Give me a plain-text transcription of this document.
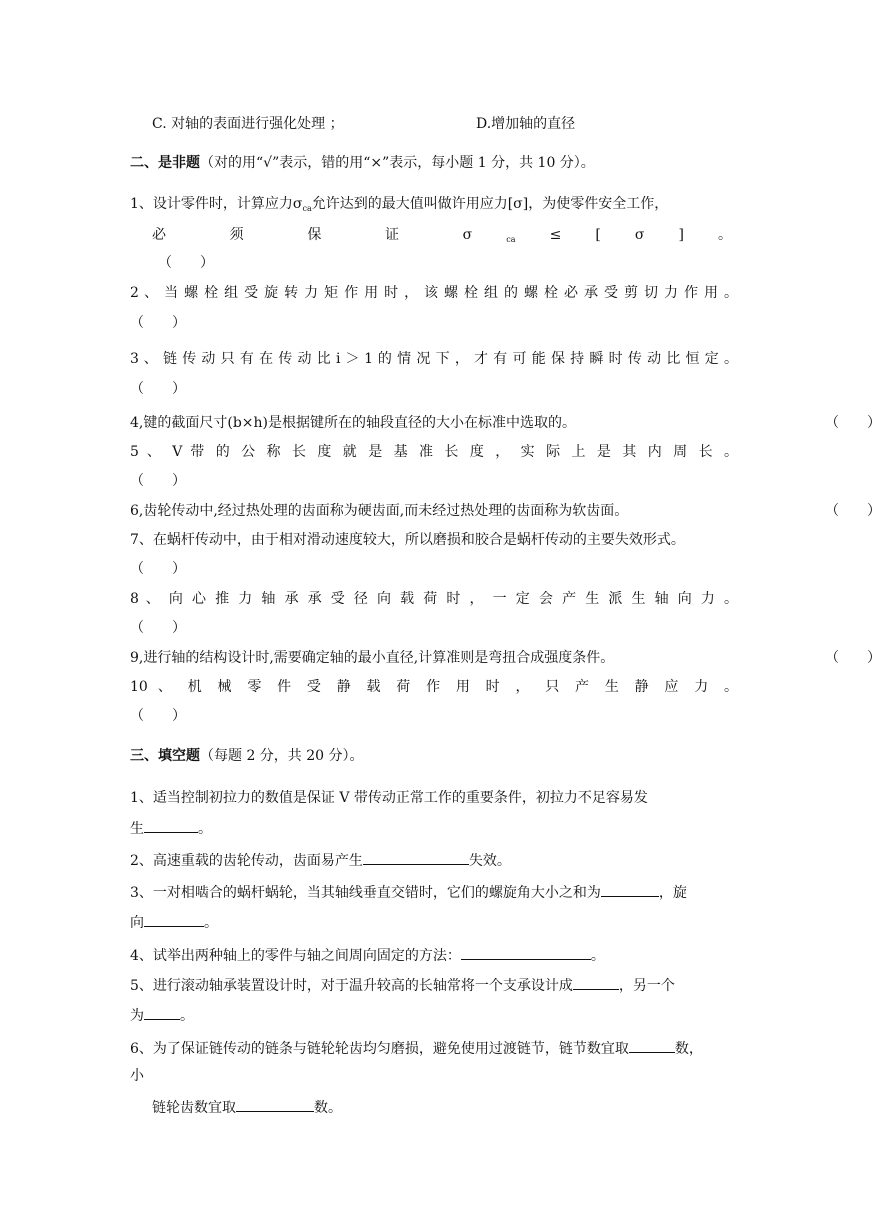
C. 对轴的表面进行强化处理 ；	D.增加轴的直径
二、是非题（对的用“√”表示，错的用“×”表示，每小题 1 分，共 10 分）。
1、设计零件时，计算应力$\sigma_{ca}$允许达到的最大值叫做许用应力[σ]，为使零件安全工作，
必 须 保 证 σ	$_{ca}$ ≤ [ σ ] 。
（　　）
2 、 当 螺 栓 组 受 旋 转 力 矩 作 用 时 ， 该 螺 栓 组 的 螺 栓 必 承 受 剪 切 力 作 用 。
（　　）
3 、 链 传 动 只 有 在 传 动 比 i ＞ 1 的 情 况 下 ， 才 有 可 能 保 持 瞬 时 传 动 比 恒 定 。
（　　）
4,键的截面尺寸(b×h)是根据键所在的轴段直径的大小在标准中选取的。	（　　）
5 、 V 带 的 公 称 长 度 就 是 基 准 长 度 ， 实 际 上 是 其 内 周 长 。
（　　）
6,齿轮传动中,经过热处理的齿面称为硬齿面,而未经过热处理的齿面称为软齿面。	（　　）
7、在蜗杆传动中，由于相对滑动速度较大，所以磨损和胶合是蜗杆传动的主要失效形式。
（　　）
8 、 向 心 推 力 轴 承 承 受 径 向 载 荷 时 ， 一 定 会 产 生 派 生 轴 向 力 。
（　　）
9,进行轴的结构设计时,需要确定轴的最小直径,计算准则是弯扭合成强度条件。	（　　）
10 、 机 械 零 件 受 静 载 荷 作 用 时 ， 只 产 生 静 应 力 。
（　　）
三、填空题（每题 2 分，共 20 分）。
1、适当控制初拉力的数值是保证 V 带传动正常工作的重要条件，初拉力不足容易发
生	。
2、高速重载的齿轮传动，齿面易产生	失效。
3、一对相啮合的蜗杆蜗轮，当其轴线垂直交错时，它们的螺旋角大小之和为	，旋
向	。
4、试举出两种轴上的零件与轴之间周向固定的方法：	。
5、进行滚动轴承装置设计时，对于温升较高的长轴常将一个支承设计成	，另一个
为	。
6、为了保证链传动的链条与链轮轮齿均匀磨损，避免使用过渡链节，链节数宜取	数，
小
链轮齿数宜取	数。
